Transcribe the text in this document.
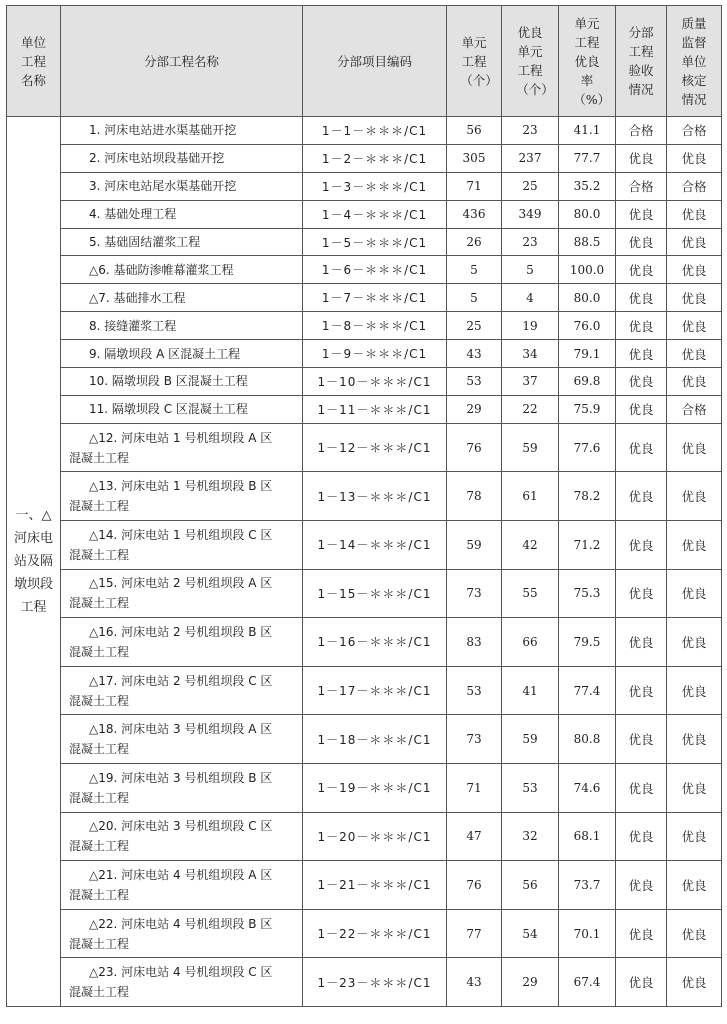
单位工程名称	分部工程名称	分部项目编码	单元工程（个）	优良单元工程（个）	单元工程优良率（%）	分部工程验收情况	质量监督单位核定情况
一、△河床电站及隔墩坝段工程	1. 河床电站进水渠基础开挖	1－1－＊＊＊/C1	56	23	41.1	合格	合格

	2. 河床电站坝段基础开挖	1－2－＊＊＊/C1	305	237	77.7	优良	优良

	3. 河床电站尾水渠基础开挖	1－3－＊＊＊/C1	71	25	35.2	合格	合格

	4. 基础处理工程	1－4－＊＊＊/C1	436	349	80.0	优良	优良

	5. 基础固结灌浆工程	1－5－＊＊＊/C1	26	23	88.5	优良	优良

	△6. 基础防渗帷幕灌浆工程	1－6－＊＊＊/C1	5	5	100.0	优良	优良

	△7. 基础排水工程	1－7－＊＊＊/C1	5	4	80.0	优良	优良

	8. 接缝灌浆工程	1－8－＊＊＊/C1	25	19	76.0	优良	优良

	9. 隔墩坝段 A 区混凝土工程	1－9－＊＊＊/C1	43	34	79.1	优良	优良

	10. 隔墩坝段 B 区混凝土工程	1－10－＊＊＊/C1	53	37	69.8	优良	优良

	11. 隔墩坝段 C 区混凝土工程	1－11－＊＊＊/C1	29	22	75.9	优良	合格

	△12. 河床电站 1 号机组坝段 A 区
混凝土工程	1－12－＊＊＊/C1	76	59	77.6	优良	优良

	△13. 河床电站 1 号机组坝段 B 区
混凝土工程	1－13－＊＊＊/C1	78	61	78.2	优良	优良

	△14. 河床电站 1 号机组坝段 C 区
混凝土工程	1－14－＊＊＊/C1	59	42	71.2	优良	优良

	△15. 河床电站 2 号机组坝段 A 区
混凝土工程	1－15－＊＊＊/C1	73	55	75.3	优良	优良

	△16. 河床电站 2 号机组坝段 B 区
混凝土工程	1－16－＊＊＊/C1	83	66	79.5	优良	优良

	△17. 河床电站 2 号机组坝段 C 区
混凝土工程	1－17－＊＊＊/C1	53	41	77.4	优良	优良

	△18. 河床电站 3 号机组坝段 A 区
混凝土工程	1－18－＊＊＊/C1	73	59	80.8	优良	优良

	△19. 河床电站 3 号机组坝段 B 区
混凝土工程	1－19－＊＊＊/C1	71	53	74.6	优良	优良

	△20. 河床电站 3 号机组坝段 C 区
混凝土工程	1－20－＊＊＊/C1	47	32	68.1	优良	优良

	△21. 河床电站 4 号机组坝段 A 区
混凝土工程	1－21－＊＊＊/C1	76	56	73.7	优良	优良

	△22. 河床电站 4 号机组坝段 B 区
混凝土工程	1－22－＊＊＊/C1	77	54	70.1	优良	优良

	△23. 河床电站 4 号机组坝段 C 区
混凝土工程	1－23－＊＊＊/C1	43	29	67.4	优良	优良
